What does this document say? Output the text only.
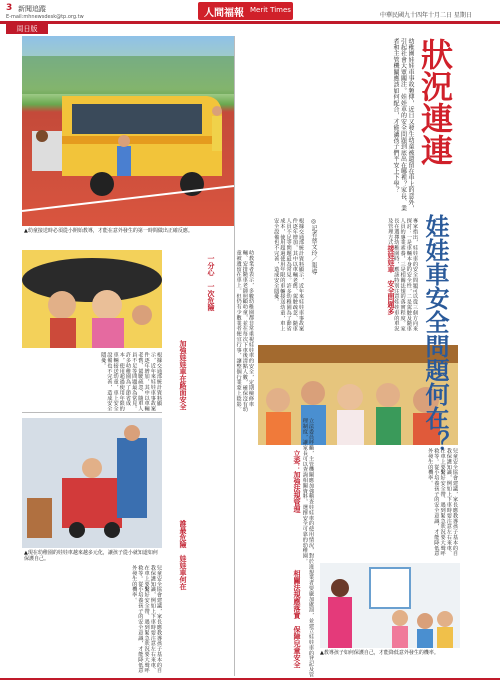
3 新聞追蹤
E-mail:mhnewsdesk@tp.org.tw	人間福報 Merit Times
中華民國九十四年十月二日 星期日
周日版
▲幼童接送時必須從小開始教導，才能在意外發生的第一時間做出正確反應。
▲現在幼稚園的娃娃車越來越多元化，讓孩子從小就知道如何保護自己。
▲教導孩子如何保護自己，才能降低意外發生的機率。
狀況連連
娃娃車安全問題何在？
幼稚園娃娃車事故頻傳，近日又發生幼童被遺留在車上的意外，引起社會大眾關注。娃娃車的安全問題到底出在哪裡？家長、業者和主管機關應該如何配合，才能讓孩子們平安上下學？
◎記者蔡文玲／報導
根據交通部統計資料顯示，近年來娃娃車事故案件逐年增加，其中以車輛老舊、駕駛疏忽、隨車人員不足等問題最為常見。許多幼稚園為了節省成本，使用超過使用年限的車輛接送幼童，車上安全設備也不完善，造成安全隱憂。	專家指出，娃娃車的安全問題可以從三個方向來探討：一是車輛本身的安全性，二是駕駛及隨車人員的專業素養，三是相關法規的落實程度。家長在選擇幼稚園時，應該特別注意娃娃車的車況及管理方式。
幼教業者表示，多數幼稚園都非常重視娃娃車的安全，定期檢修車輛、安排隨車老師照顧幼童，並在每次下車後清點人數，確保沒有幼童被遺留在車上。但仍有少數業者便宜行事，讓整個行業蒙上陰影。
立法委員呼籲，主管機關應加強稽查娃娃車的使用情況，對於違規業者要嚴加處罰，並建立娃娃車的登記及管理制度，讓家長可以查詢相關資料，選擇安全可靠的幼稚園。	兒童安全協會建議，家長應教導孩子基本的自我保護知識，例如上下車時要注意左右來車、在車上要繫好安全帶、遇到緊急狀況要大聲呼救等。從小培養孩子的安全意識，才能降低意外發生的機率。
根據交通部統計資料顯示，近年來娃娃車事故案件逐年增加，其中以車輛老舊、駕駛疏忽、隨車人員不足等問題最為常見。許多幼稚園為了節省成本，使用超過使用年限的車輛接送幼童，車上安全設備也不完善，造成安全隱憂。
兒童安全協會建議，家長應教導孩子基本的自我保護知識，例如上下車時要注意左右來車、在車上要繫好安全帶、遇到緊急狀況要大聲呼救等。從小培養孩子的安全意識，才能降低意外發生的機率。
接娃娃車　安全問題多
一分心　一次危險
加強娃娃車在路面安全
誰最危險　娃娃車何在
立委：加強法規管理
相關法規應落實　保障兒童安全
